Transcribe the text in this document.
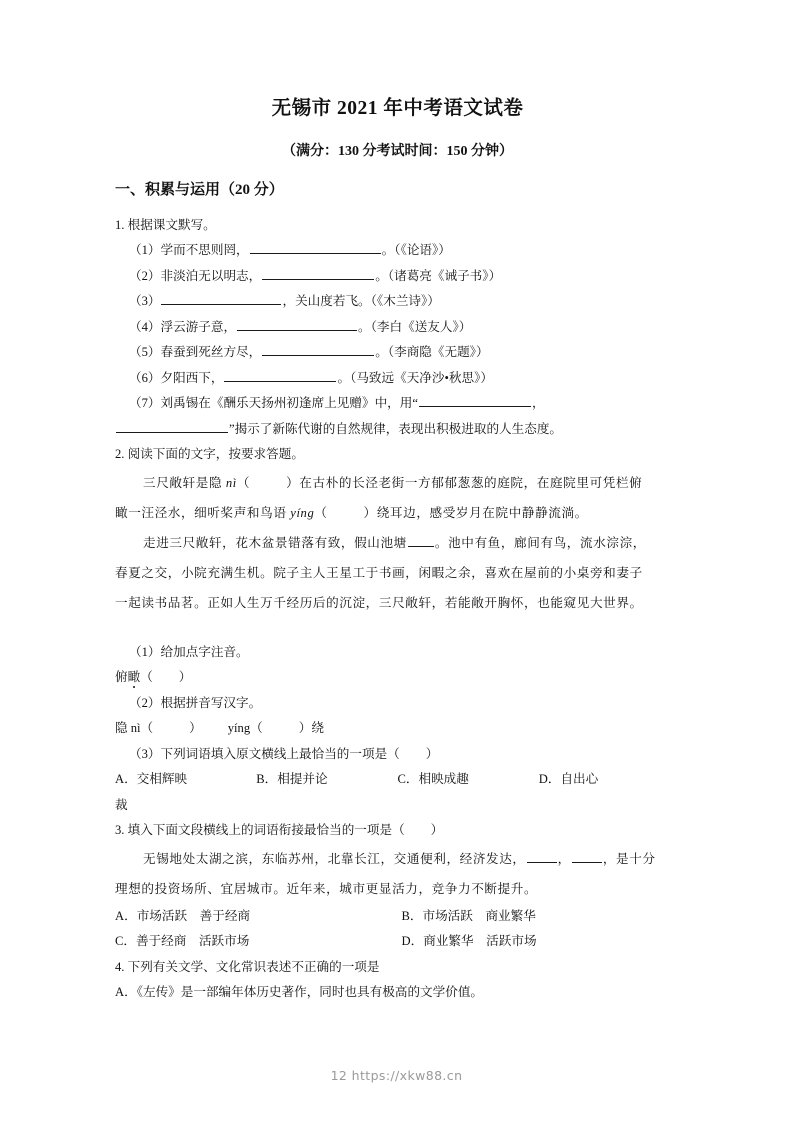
无锡市 2021 年中考语文试卷
（满分：130 分考试时间：150 分钟）
一、积累与运用（20 分）

1. 根据课文默写。

（1）学而不思则罔，	。（《论语》）

（2）非淡泊无以明志，	。（诸葛亮《诫子书》）

（3）	，关山度若飞。（《木兰诗》）

（4）浮云游子意，	。（李白《送友人》）

（5）春蚕到死丝方尽，	。（李商隐《无题》）

（6）夕阳西下，	。（马致远《天净沙•秋思》）

（7）刘禹锡在《酬乐天扬州初逢席上见赠》中，用“	，

”揭示了新陈代谢的自然规律，表现出积极进取的人生态度。

2. 阅读下面的文字，按要求答题。

三尺敞轩是隐 nì（	）在古朴的长泾老街一方郁郁葱葱的庭院，在庭院里可凭栏俯

瞰一汪泾水，细听桨声和鸟语 yíng（	）绕耳边，感受岁月在院中静静流淌。

走进三尺敞轩，花木盆景错落有致，假山池塘 。池中有鱼，廊间有鸟，流水淙淙，

春夏之交，小院充满生机。院子主人王星工于书画，闲暇之余，喜欢在屋前的小桌旁和妻子

一起读书品茗。正如人生万千经历后的沉淀，三尺敞轩，若能敞开胸怀，也能窥见大世界。

（1）给加点字注音。

俯瞰（ ）

（2）根据拼音写汉字。

隐 nì（	） yíng（	）绕

（3）下列词语填入原文横线上最恰当的一项是（ ）

A．交相辉映	B．相提并论	C．相映成趣	D．自出心

裁

3. 填入下面文段横线上的词语衔接最恰当的一项是（ ）

无锡地处太湖之滨，东临苏州，北靠长江，交通便利，经济发达，	，	，是十分

理想的投资场所、宜居城市。近年来，城市更显活力，竞争力不断提升。

A．市场活跃　善于经商	B．市场活跃　商业繁华
C．善于经商　活跃市场	D．商业繁华　活跃市场

4. 下列有关文学、文化常识表述不正确的一项是

A．《左传》是一部编年体历史著作，同时也具有极高的文学价值。

12 https://xkw88.cn
